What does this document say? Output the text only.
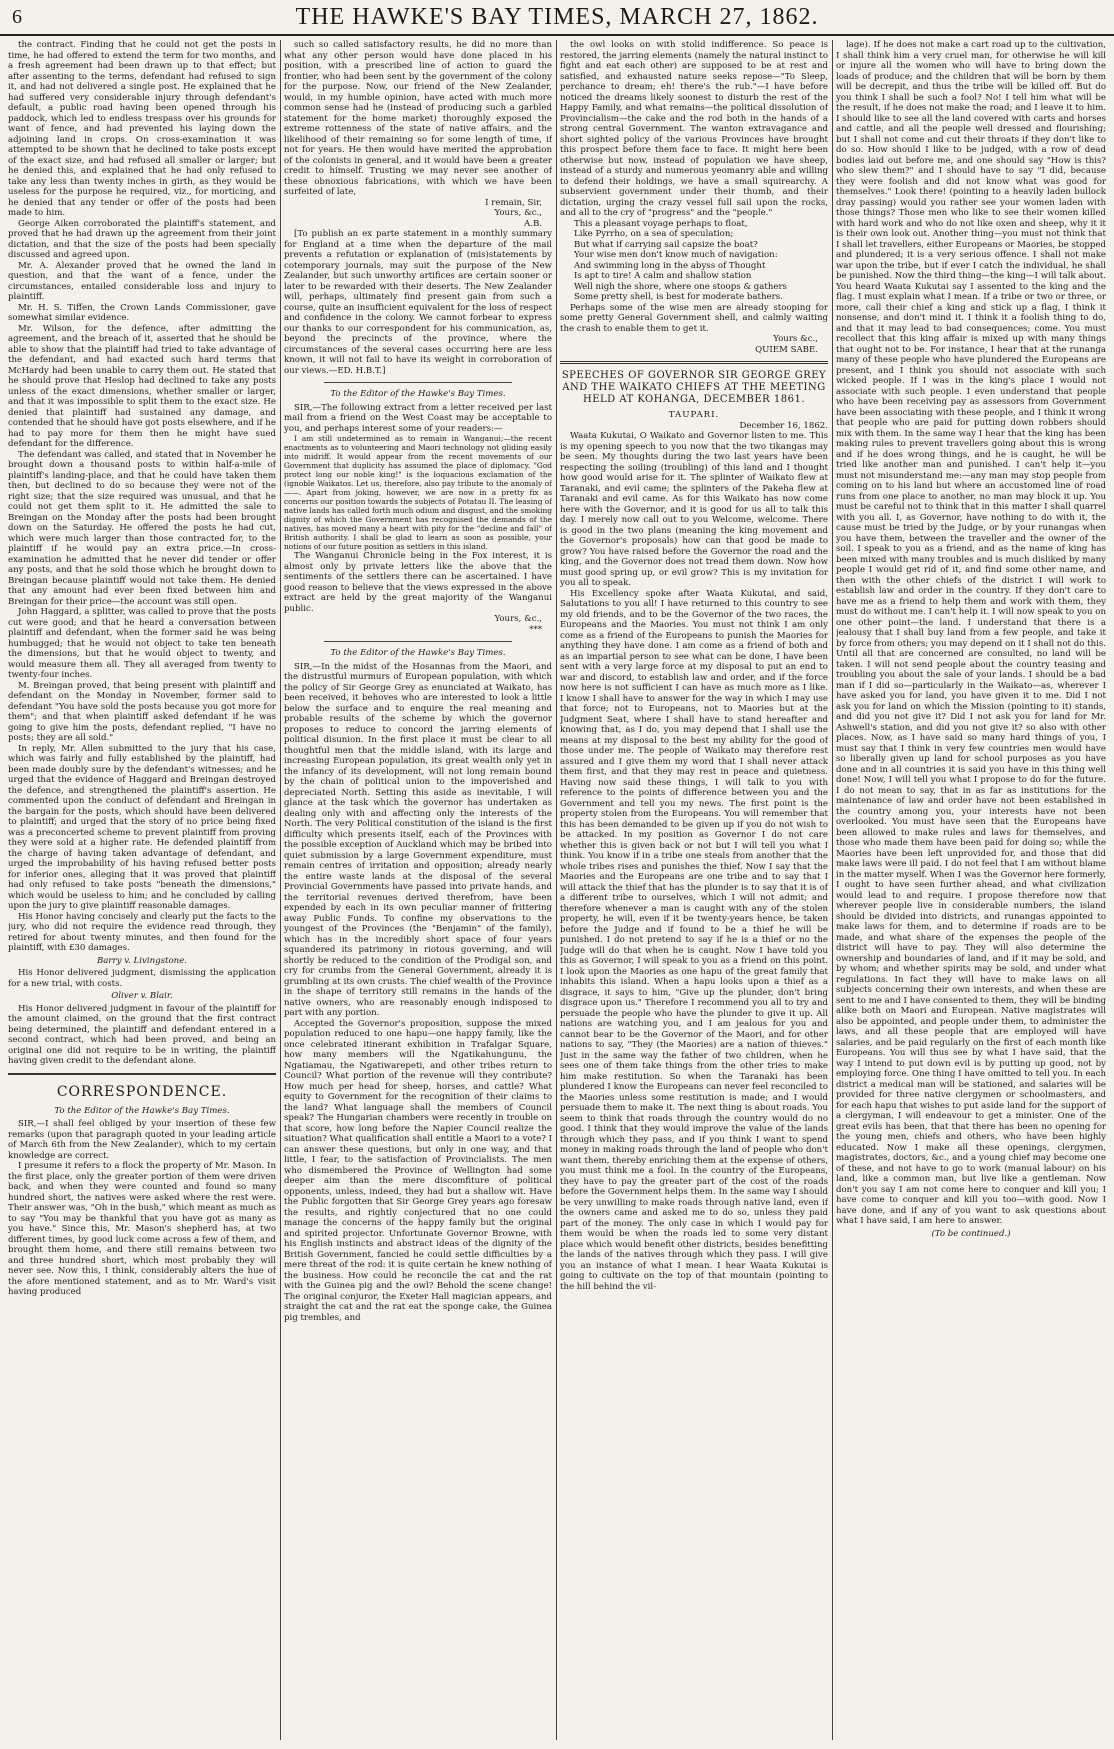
6	THE HAWKE'S BAY TIMES, MARCH 27, 1862.

the contract. Finding that he could not get the posts in time, he had offered to extend the term for two months, and a fresh agreement had been drawn up to that effect; but after assenting to the terms, defendant had refused to sign it, and had not delivered a single post. He explained that he had suffered very considerable injury through defendant's default, a public road having been opened through his paddock, which led to endless trespass over his grounds for want of fence, and had prevented his laying down the adjoining land in crops. On cross-examination it was attempted to be shown that he declined to take posts except of the exact size, and had refused all smaller or larger; but he denied this, and explained that he had only refused to take any less than twenty inches in girth, as they would be useless for the purpose he required, viz., for morticing, and he denied that any tender or offer of the posts had been made to him.

George Aiken corroborated the plaintiff's statement, and proved that he had drawn up the agreement from their joint dictation, and that the size of the posts had been specially discussed and agreed upon.

Mr. A. Alexander proved that he owned the land in question, and that the want of a fence, under the circumstances, entailed considerable loss and injury to plaintiff.

Mr. H. S. Tiffen, the Crown Lands Commissioner, gave somewhat similar evidence.

Mr. Wilson, for the defence, after admitting the agreement, and the breach of it, asserted that he should be able to show that the plaintiff had tried to take advantage of the defendant, and had exacted such hard terms that McHardy had been unable to carry them out. He stated that he should prove that Heslop had declined to take any posts unless of the exact dimensions, whether smaller or larger, and that it was impossible to split them to the exact size. He denied that plaintiff had sustained any damage, and contended that he should have got posts elsewhere, and if he had to pay more for them then he might have sued defendant for the difference.

The defendant was called, and stated that in November he brought down a thousand posts to within half-a-mile of plaintiff's landing-place, and that he could have taken them then, but declined to do so because they were not of the right size; that the size required was unusual, and that he could not get them split to it. He admitted the sale to Breingan on the Monday after the posts had been brought down on the Saturday. He offered the posts he had cut, which were much larger than those contracted for, to the plaintiff if he would pay an extra price.—In cross-examination he admitted that he never did tender or offer any posts, and that he sold those which he brought down to Breingan because plaintiff would not take them. He denied that any amount had ever been fixed between him and Breingan for their price—the account was still open.

John Haggard, a splitter, was called to prove that the posts cut were good; and that he heard a conversation between plaintiff and defendant, when the former said he was being humbugged; that he would not object to take ten beneath the dimensions, but that he would object to twenty, and would measure them all. They all averaged from twenty to twenty-four inches.

M. Breingan proved, that being present with plaintiff and defendant on the Monday in November, former said to defendant "You have sold the posts because you got more for them"; and that when plaintiff asked defendant if he was going to give him the posts, defendant replied, "I have no posts; they are all sold."

In reply, Mr. Allen submitted to the jury that his case, which was fairly and fully established by the plaintiff, had been made doubly sure by the defendant's witnesses; and he urged that the evidence of Haggard and Breingan destroyed the defence, and strengthened the plaintiff's assertion. He commented upon the conduct of defendant and Breingan in the bargain for the posts, which should have been delivered to plaintiff; and urged that the story of no price being fixed was a preconcerted scheme to prevent plaintiff from proving they were sold at a higher rate. He defended plaintiff from the charge of having taken advantage of defendant, and urged the improbability of his having refused better posts for inferior ones, alleging that it was proved that plaintiff had only refused to take posts "beneath the dimensions," which would be useless to him; and he concluded by calling upon the jury to give plaintiff reasonable damages.

His Honor having concisely and clearly put the facts to the jury, who did not require the evidence read through, they retired for about twenty minutes, and then found for the plaintiff, with £30 damages.

Barry v. Livingstone.

His Honor delivered judgment, dismissing the application for a new trial, with costs.

Oliver v. Blair.

His Honor delivered judgment in favour of the plaintiff for the amount claimed, on the ground that the first contract being determined, the plaintiff and defendant entered in a second contract, which had been proved, and being an original one did not require to be in writing, the plaintiff having given credit to the defendant alone.

CORRESPONDENCE.
To the Editor of the Hawke's Bay Times.

SIR,—I shall feel obliged by your insertion of these few remarks (upon that paragraph quoted in your leading article of March 6th from the New Zealander), which to my certain knowledge are correct.

I presume it refers to a flock the property of Mr. Mason. In the first place, only the greater portion of them were driven back, and when they were counted and found so many hundred short, the natives were asked where the rest were. Their answer was, "Oh in the bush," which meant as much as to say "You may be thankful that you have got as many as you have." Since this, Mr. Mason's shepherd has, at two different times, by good luck come across a few of them, and brought them home, and there still remains between two and three hundred short, which most probably they will never see. Now this, I think, considerably alters the hue of the afore mentioned statement, and as to Mr. Ward's visit having produced

such so called satisfactory results, he did no more than what any other person would have done placed in his position, with a prescribed line of action to guard the frontier, who had been sent by the government of the colony for the purpose. Now, our friend of the New Zealander, would, in my humble opinion, have acted with much more common sense had he (instead of producing such a garbled statement for the home market) thoroughly exposed the extreme rottenness of the state of native affairs, and the likelihood of their remaining so for some length of time, if not for years. He then would have merited the approbation of the colonists in general, and it would have been a greater credit to himself. Trusting we may never see another of these obnoxious fabrications, with which we have been surfeited of late,

I remain, Sir,

Yours, &c.,

A.B.

[To publish an ex parte statement in a monthly summary for England at a time when the departure of the mail prevents a refutation or explanation of (mis)statements by cotemporary journals, may suit the purpose of the New Zealander, but such unworthy artifices are certain sooner or later to be rewarded with their deserts. The New Zealander will, perhaps, ultimately find present gain from such a course, quite an insufficient equivalent for the loss of respect and confidence in the colony. We cannot forbear to express our thanks to our correspondent for his communication, as, beyond the precincts of the province, where the circumstances of the several cases occurring here are less known, it will not fail to have its weight in corroboration of our views.—ED. H.B.T.]

To the Editor of the Hawke's Bay Times.

SIR,—The following extract from a letter received per last mail from a friend on the West Coast may be acceptable to you, and perhaps interest some of your readers:—

I am still undetermined as to remain in Wanganui;—the recent enactments as to volunteering and Maori technology not gliding easily into midriff. It would appear from the recent movements of our Government that duplicity has assumed the place of diplomacy. "God protect long our noble king!" is the loquacious exclamation of the (ignoble Waikatos. Let us, therefore, also pay tribute to the anomaly of ——. Apart from joking, however, we are now in a pretty fix as concerns our position towards the subjects of Potatau II. The leasing of native lands has called forth much odium and disgust, and the smoking dignity of which the Government has recognised the demands of the natives, has moved many a heart with pity for the "decline and fall" of British authority. I shall be glad to learn as soon as possible, your notions of our future position as settlers in this island.

The Wanganui Chronicle being in the Fox interest, it is almost only by private letters like the above that the sentiments of the settlers there can be ascertained. I have good reason to believe that the views expressed in the above extract are held by the great majority of the Wanganui public.

Yours, &c.,

***

To the Editor of the Hawke's Bay Times.

SIR,—In the midst of the Hosannas from the Maori, and the distrustful murmurs of European population, with which the policy of Sir George Grey as enunciated at Waikato, has been received, it behoves who are interested to look a little below the surface and to enquire the real meaning and probable results of the scheme by which the governor proposes to reduce to concord the jarring elements of political disunion. In the first place it must be clear to all thoughtful men that the middle island, with its large and increasing European population, its great wealth only yet in the infancy of its development, will not long remain bound by the chain of political union to the impoverished and depreciated North. Setting this aside as inevitable, I will glance at the task which the governor has undertaken as dealing only with and affecting only the interests of the North. The very Political constitution of the island is the first difficulty which presents itself, each of the Provinces with the possible exception of Auckland which may be bribed into quiet submission by a large Government expenditure, must remain centres of irritation and opposition; already nearly the entire waste lands at the disposal of the several Provincial Governments have passed into private hands, and the territorial revenues derived therefrom, have been expended by each in its own peculiar manner of frittering away Public Funds. To confine my observations to the youngest of the Provinces (the "Benjamin" of the family), which has in the incredibly short space of four years squandered its patrimony in riotous governing, and will shortly be reduced to the condition of the Prodigal son, and cry for crumbs from the General Government, already it is grumbling at its own crusts. The chief wealth of the Province in the shape of territory still remains in the hands of the native owners, who are reasonably enough indisposed to part with any portion.

Accepted the Governor's proposition, suppose the mixed population reduced to one hapu—one happy family, like the once celebrated itinerant exhibition in Trafalgar Square, how many members will the Ngatikahungunu, the Ngatiamau, the Ngatiwarepeti, and other tribes return to Council? What portion of the revenue will they contribute? How much per head for sheep, horses, and cattle? What equity to Government for the recognition of their claims to the land? What language shall the members of Council speak? The Hungarian chambers were recently in trouble on that score, how long before the Napier Council realize the situation? What qualification shall entitle a Maori to a vote? I can answer these questions, but only in one way, and that little, I fear, to the satisfaction of Provincialists. The men who dismembered the Province of Wellington had some deeper aim than the mere discomfiture of political opponents, unless, indeed, they had but a shallow wit. Have the Public forgotten that Sir George Grey years ago foresaw the results, and rightly conjectured that no one could manage the concerns of the happy family but the original and spirited projector. Unfortunate Governor Browne, with his English instincts and abstract ideas of the dignity of the British Government, fancied he could settle difficulties by a mere threat of the rod: it is quite certain he knew nothing of the business. How could he reconcile the cat and the rat with the Guinea pig and the owl? Behold the scene change! The original conjuror, the Exeter Hall magician appears, and straight the cat and the rat eat the sponge cake, the Guinea pig trembles, and

the owl looks on with stolid indifference. So peace is restored, the jarring elements (namely the natural instinct to fight and eat each other) are supposed to be at rest and satisfied, and exhausted nature seeks repose—"To Sleep, perchance to dream; eh! there's the rub."—I have before noticed the dreams likely soonest to disturb the rest of the Happy Family, and what remains—the political dissolution of Provincialism—the cake and the rod both in the hands of a strong central Government. The wanton extravagance and short sighted policy of the various Provinces have brought this prospect before them face to face. It might here been otherwise but now, instead of population we have sheep, instead of a sturdy and numerous yeomanry able and willing to defend their holdings, we have a small squirearchy. A subservient government under their thumb, and their dictation, urging the crazy vessel full sail upon the rocks, and all to the cry of "progress" and the "people."

This a pleasant voyage perhaps to float,

Like Pyrrho, on a sea of speculation;

But what if carrying sail capsize the boat?

Your wise men don't know much of navigation:

And swimming long in the abyss of Thought

Is apt to tire! A calm and shallow station

Well nigh the shore, where one stoops & gathers

Some pretty shell, is best for moderate bathers.

Perhaps some of the wise men are already stooping for some pretty General Government shell, and calmly waiting the crash to enable them to get it.

Yours &c.,

QUIEM SABE.

SPEECHES OF GOVERNOR SIR GEORGE GREY AND THE WAIKATO CHIEFS AT THE MEETING HELD AT KOHANGA, DECEMBER 1861.

TAUPARI.

December 16, 1862.

Waata Kukutai, O Waikato and Governor listen to me. This is my opening speech to you now that the two tikangas may be seen. My thoughts during the two last years have been respecting the soiling (troubling) of this land and I thought how good would arise for it. The splinter of Waikato flew at Taranaki, and evil came; the splinters of the Pakeha flew at Taranaki and evil came. As for this Waikato has now come here with the Governor, and it is good for us all to talk this day. I merely now call out to you Welcome, welcome. There is good in the two plans (meaning the king movement and the Governor's proposals) how can that good be made to grow? You have raised before the Governor the road and the king, and the Governor does not tread them down. Now how must good spring up, or evil grow? This is my invitation for you all to speak.

His Excellency spoke after Waata Kukutai, and said, Salutations to you all! I have returned to this country to see my old friends, and to be the Governor of the two races, the Europeans and the Maories. You must not think I am only come as a friend of the Europeans to punish the Maories for anything they have done. I am come as a friend of both and as an impartial person to see what can be done, I have been sent with a very large force at my disposal to put an end to war and discord, to establish law and order, and if the force now here is not sufficient I can have as much more as I like. I know I shall have to answer for the way in which I may use that force; not to Europeans, not to Maories but at the Judgment Seat, where I shall have to stand hereafter and knowing that, as I do, you may depend that I shall use the means at my disposal to the best my ability for the good of those under me. The people of Waikato may therefore rest assured and I give them my word that I shall never attack them first, and that they may rest in peace and quietness. Having now said these things, I will talk to you with reference to the points of difference between you and the Government and tell you my news. The first point is the property stolen from the Europeans. You will remember that this has been demanded to be given up if you do not wish to be attacked. In my position as Governor I do not care whether this is given back or not but I will tell you what I think. You know if in a tribe one steals from another that the whole tribes rises and punishes the thief. Now I say that the Maories and the Europeans are one tribe and to say that I will attack the thief that has the plunder is to say that it is of a different tribe to ourselves, which I will not admit; and therefore whenever a man is caught with any of the stolen property, he will, even if it be twenty-years hence, be taken before the Judge and if found to be a thief he will be punished. I do not pretend to say if he is a thief or no the Judge will do that when he is caught. Now I have told you this as Governor, I will speak to you as a friend on this point. I look upon the Maories as one hapu of the great family that inhabits this island. When a hapu looks upon a thief as a disgrace, it says to him, "Give up the plunder, don't bring disgrace upon us." Therefore I recommend you all to try and persuade the people who have the plunder to give it up. All nations are watching you, and I am jealous for you and cannot bear to be the Governor of the Maori, and for other nations to say, "They (the Maories) are a nation of thieves." Just in the same way the father of two children, when he sees one of them take things from the other tries to make him make restitution. So when the Taranaki has been plundered I know the Europeans can never feel reconciled to the Maories unless some restitution is made; and I would persuade them to make it. The next thing is about roads. You seem to think that roads through the country would do no good. I think that they would improve the value of the lands through which they pass, and if you think I want to spend money in making roads through the land of people who don't want them, thereby enriching them at the expense of others, you must think me a fool. In the country of the Europeans, they have to pay the greater part of the cost of the roads before the Government helps them. In the same way I should be very unwilling to make roads through native land, even if the owners came and asked me to do so, unless they paid part of the money. The only case in which I would pay for them would be when the roads led to some very distant place which would benefit other districts, besides benefitting the lands of the natives through which they pass. I will give you an instance of what I mean. I hear Waata Kukutai is going to cultivate on the top of that mountain (pointing to the hill behind the vil-

lage). If he does not make a cart road up to the cultivation, I shall think him a very cruel man, for otherwise he will kill or injure all the women who will have to bring down the loads of produce; and the children that will be born by them will be decrepit, and thus the tribe will be killed off. But do you think I shall be such a fool? No! I tell him what will be the result, if he does not make the road; and I leave it to him. I should like to see all the land covered with carts and horses and cattle, and all the people well dressed and flourishing; but I shall not come and cut their throats if they don't like to do so. How should I like to be judged, with a row of dead bodies laid out before me, and one should say "How is this? who slew them?" and I should have to say "I did, because they were foolish and did not know what was good for themselves." Look there! (pointing to a heavily laden bullock dray passing) would you rather see your women laden with those things? Those men who like to see their women killed with hard work and who do not like oxen and sheep, why it it is their own look out. Another thing—you must not think that I shall let travellers, either Europeans or Maories, be stopped and plundered; it is a very serious offence. I shall not make war upon the tribe, but if ever I catch the individual, he shall be punished. Now the third thing—the king—I will talk about. You heard Waata Kukutai say I assented to the king and the flag. I must explain what I mean. If a tribe or two or three, or more, call their chief a king and stick up a flag, I think it nonsense, and don't mind it. I think it a foolish thing to do, and that it may lead to bad consequences; come. You must recollect that this king affair is mixed up with many things that ought not to be. For instance, I hear that at the runanga many of these people who have plundered the Europeans are present, and I think you should not associate with such wicked people. If I was in the king's place I would not associate with such people. I even understand that people who have been receiving pay as assessors from Government have been associating with these people, and I think it wrong that people who are paid for putting down robbers should mix with them. In the same way I hear that the king has been making rules to prevent travellers going about this is wrong and if he does wrong things, and he is caught, he will be tried like another man and punished. I can't help it—you must not misunderstand me:—any man may stop people from coming on to his land but where an accustomed line of road runs from one place to another, no man may block it up. You must be careful not to think that in this matter I shall quarrel with you all. I, as Governor, have nothing to do with it, the cause must be tried by the Judge, or by your runangas when you have them, between the traveller and the owner of the soil. I speak to you as a friend, and as the name of king has been mixed with many troubles and is much disliked by many people I would get rid of it, and find some other name, and then with the other chiefs of the district I will work to establish law and order in the country. If they don't care to have me as a friend to help them and work with them, they must do without me. I can't help it. I will now speak to you on one other point—the land. I understand that there is a jealousy that I shall buy land from a few people, and take it by force from others; you may depend on it I shall not do this. Until all that are concerned are consulted, no land will be taken. I will not send people about the country teasing and troubling you about the sale of your lands. I should be a bad man if I did so—particularly in the Waikato—as, wherever I have asked you for land, you have given it to me. Did I not ask you for land on which the Mission (pointing to it) stands, and did you not give it? Did I not ask you for land for Mr. Ashwell's station, and did you not give it? so also with other places. Now, as I have said so many hard things of you, I must say that I think in very few countries men would have so liberally given up land for school purposes as you have done and in all countries it is said you have in this thing well done! Now, I will tell you what I propose to do for the future. I do not mean to say, that in as far as institutions for the maintenance of law and order have not been established in the country among you, your interests have not been overlooked. You must have seen that the Europeans have been allowed to make rules and laws for themselves, and those who made them have been paid for doing so; while the Maories have been left unprovided for, and those that did make laws were ill paid. I do not feel that I am without blame in the matter myself. When I was the Governor here formerly, I ought to have seen further ahead, and what civilization would lead to and require. I propose therefore now that wherever people live in considerable numbers, the island should be divided into districts, and runangas appointed to make laws for them, and to determine if roads are to be made, and what share of the expenses the people of the district will have to pay. They will also determine the ownership and boundaries of land, and if it may be sold, and by whom; and whether spirits may be sold, and under what regulations. In fact they will have to make laws on all subjects concerning their own interests, and when these are sent to me and I have consented to them, they will be binding alike both on Maori and European. Native magistrates will also be appointed, and people under them, to administer the laws, and all these people that are employed will have salaries, and be paid regularly on the first of each month like Europeans. You will thus see by what I have said, that the way I intend to put down evil is by putting up good, not by employing force. One thing I have omitted to tell you. In each district a medical man will be stationed, and salaries will be provided for three native clergymen or schoolmasters, and for each hapu that wishes to put aside land for the support of a clergyman, I will endeavour to get a minister. One of the great evils has been, that that there has been no opening for the young men, chiefs and others, who have been highly educated. Now I make all these openings, clergymen, magistrates, doctors, &c., and a young chief may become one of these, and not have to go to work (manual labour) on his land, like a common man, but live like a gentleman. Now don't you say I am not come here to conquer and kill you; I have come to conquer and kill you too—with good. Now I have done, and if any of you want to ask questions about what I have said, I am here to answer.

(To be continued.)
